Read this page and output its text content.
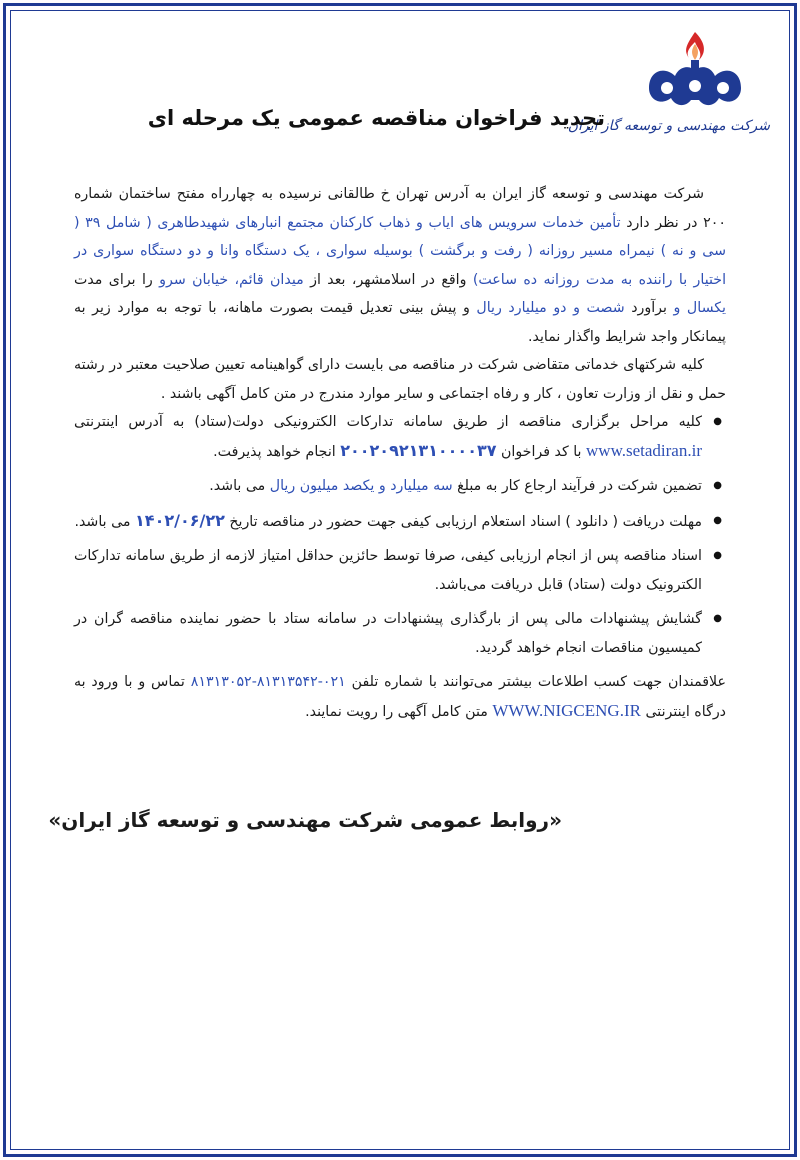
شرکت مهندسی و توسعه گاز ایران
تجدید فراخوان مناقصه عمومی یک مرحله ای

شرکت مهندسی و توسعه گاز ایران به آدرس تهران خ طالقانی نرسیده به چهارراه مفتح ساختمان شماره ۲۰۰ در نظر دارد تأمین خدمات سرویس های ایاب و ذهاب کارکنان مجتمع انبارهای شهیدطاهری ( شامل ۳۹ ( سی و نه ) نیمراه مسیر روزانه ( رفت و برگشت ) بوسیله سواری ، یک دستگاه وانا و دو دستگاه سواری در اختیار با راننده به مدت روزانه ده ساعت) واقع در اسلامشهر، بعد از میدان قائم، خیابان سرو را برای مدت یکسال و برآورد شصت و دو میلیارد ریال و پیش بینی تعدیل قیمت بصورت ماهانه، با توجه به موارد زیر به پیمانکار واجد شرایط واگذار نماید.

کلیه شرکتهای خدماتی متقاضی شرکت در مناقصه می بایست دارای گواهینامه تعیین صلاحیت معتبر در رشته حمل و نقل از وزارت تعاون ، کار و رفاه اجتماعی و سایر موارد مندرج در متن کامل آگهی باشند .

● کلیه مراحل برگزاری مناقصه از طریق سامانه تدارکات الکترونیکی دولت(ستاد) به آدرس اینترنتی www.setadiran.ir با کد فراخوان ۲۰۰۲۰۹۲۱۳۱۰۰۰۰۳۷ انجام خواهد پذیرفت.
● تضمین شرکت در فرآیند ارجاع کار به مبلغ سه میلیارد و یکصد میلیون ریال می باشد.
● مهلت دریافت ( دانلود ) اسناد استعلام ارزیابی کیفی جهت حضور در مناقصه تاریخ ۱۴۰۲/۰۶/۲۲ می باشد.
● اسناد مناقصه پس از انجام ارزیابی کیفی، صرفا توسط حائزین حداقل امتیاز لازمه از طریق سامانه تدارکات الکترونیک دولت (ستاد) قابل دریافت می‌باشد.
● گشایش پیشنهادات مالی پس از بارگذاری پیشنهادات در سامانه ستاد با حضور نماینده مناقصه گران در کمیسیون مناقصات انجام خواهد گردید.

علاقمندان جهت کسب اطلاعات بیشتر می‌توانند با شماره تلفن ۰۲۱-۸۱۳۱۳۵۴۲-۸۱۳۱۳۰۵۲ تماس و با ورود به درگاه اینترنتی WWW.NIGCENG.IR متن کامل آگهی را رویت نمایند.

«روابط عمومی شرکت مهندسی و توسعه گاز ایران»
